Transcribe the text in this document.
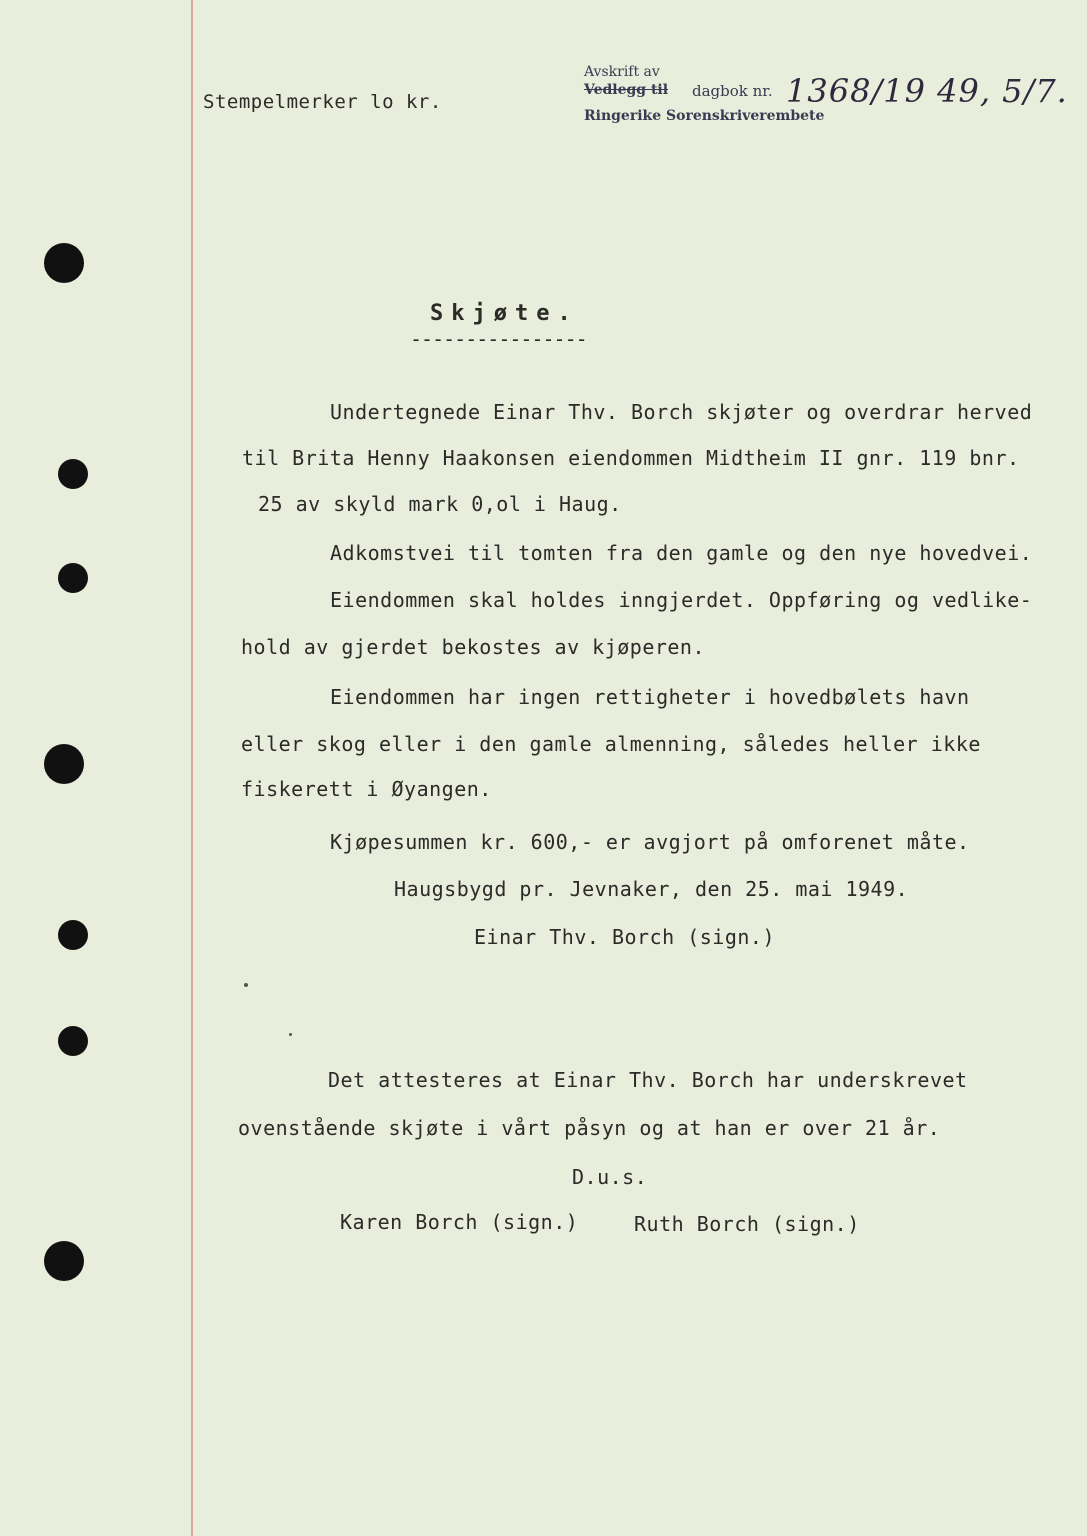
Stempelmerker lo kr.
Avskrift av
Vedlegg til dagbok nr.
Ringerike Sorenskriverembete
1368/19 49, 5/7.
Skjøte.
----------------
Undertegnede Einar Thv. Borch skjøter og overdrar herved
til Brita Henny Haakonsen eiendommen Midtheim II gnr. 119 bnr.
25 av skyld mark 0,ol i Haug.
Adkomstvei til tomten fra den gamle og den nye hovedvei.
Eiendommen skal holdes inngjerdet. Oppføring og vedlike-
hold av gjerdet bekostes av kjøperen.
Eiendommen har ingen rettigheter i hovedbølets havn
eller skog eller i den gamle almenning, således heller ikke
fiskerett i Øyangen.
Kjøpesummen kr. 600,- er avgjort på omforenet måte.
Haugsbygd pr. Jevnaker, den 25. mai 1949.
Einar Thv. Borch (sign.)
Det attesteres at Einar Thv. Borch har underskrevet
ovenstående skjøte i vårt påsyn og at han er over 21 år.
D.u.s.
Karen Borch (sign.)	Ruth Borch (sign.)
